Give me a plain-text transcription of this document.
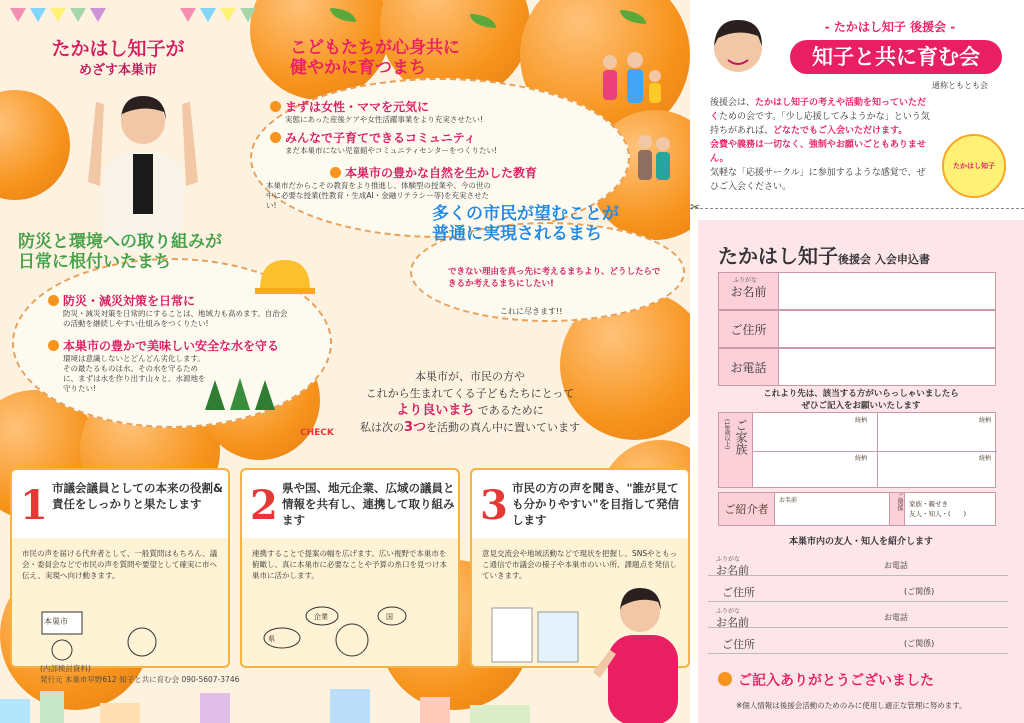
たかはし知子が
めざす本巣市
こどもたちが心身共に
健やかに育つまち
まずは女性・ママを元気に
実態にあった産後ケアや女性活躍事業をより充実させたい!
みんなで子育てできるコミュニティ
まだ本巣市にない児童館やコミュニティセンターをつくりたい!
本巣市の豊かな自然を生かした教育
本巣市だからこその教育をより推進し、体験型の授業や、今の世の中に必要な授業(性教育・生成AI・金融リテラシー等)を充実させたい!
防災と環境への取り組みが
日常に根付いたまち
防災・減災対策を日常に
防災・減災対策を日常的にすることは、地域力も高めます。自治会の活動を継続しやすい仕組みをつくりたい!
本巣市の豊かで美味しい安全な水を守る
環境は意識しないとどんどん劣化します。その最たるものは水。その水を守るために、まずは水を作り出す山々と、水源地を守りたい!
多くの市民が望むことが
普通に実現されるまち
できない理由を真っ先に考えるまちより、どうしたらできるか考えるまちにしたい!
これに尽きます!!
本巣市が、市民の方や
これから生まれてくる子どもたちにとって
より良いまち であるために
私は次の3つを活動の真ん中に置いています
CHECK
1 市議会議員としての本来の役割&責任をしっかりと果たします
市民の声を届ける代弁者として、一般質問はもちろん、議会・委員会などで市民の声を質問や要望として確実に市へ伝え、実現へ向け動きます。
本巣市
2 県や国、地元企業、広域の議員と情報を共有し、連携して取り組みます
連携することで提案の幅を広げます。広い視野で本巣市を俯瞰し、真に本巣市に必要なことや予算の糸口を見つけ本巣市に活かします。
企業
県
国
3 市民の方の声を聞き、"誰が見ても分かりやすい"を目指して発信します
意見交流会や地域活動などで現状を把握し、SNSやともっこ通信で市議会の様子や本巣市のいい所、課題点を発信していきます。
(内部検討資料)
発行元 本巣市早野612 知子と共に育む会 090-5607-3746
- たかはし知子 後援会 -
知子と共に育む会
通称ともとも会
後援会は、たかはし知子の考えや活動を知っていただくための会です。「少し応援してみようかな」という気持ちがあれば、どなたでもご入会いただけます。
会費や義務は一切なく、強制やお願いごともありません。
気軽な「応援サークル」に参加するような感覚で、ぜひご入会ください。
たかはし知子
✂
たかはし知子後援会 入会申込書
お名前
ふりがな
ご住所
お電話
これより先は、該当する方がいらっしゃいましたら
ぜひご記入をお願いいたします
ご家族
(18歳以上)	続柄	続柄
続柄	続柄
ご紹介者
お名前	ご関係 家族・親せき
友人・知人・(　　)
本巣市内の友人・知人を紹介します
ふりがな
お名前	お電話
ご住所	(ご関係)
ふりがな
お名前	お電話
ご住所	(ご関係)
ご記入ありがとうございました
※個人情報は後援会活動のためのみに使用し適正な管理に努めます。
